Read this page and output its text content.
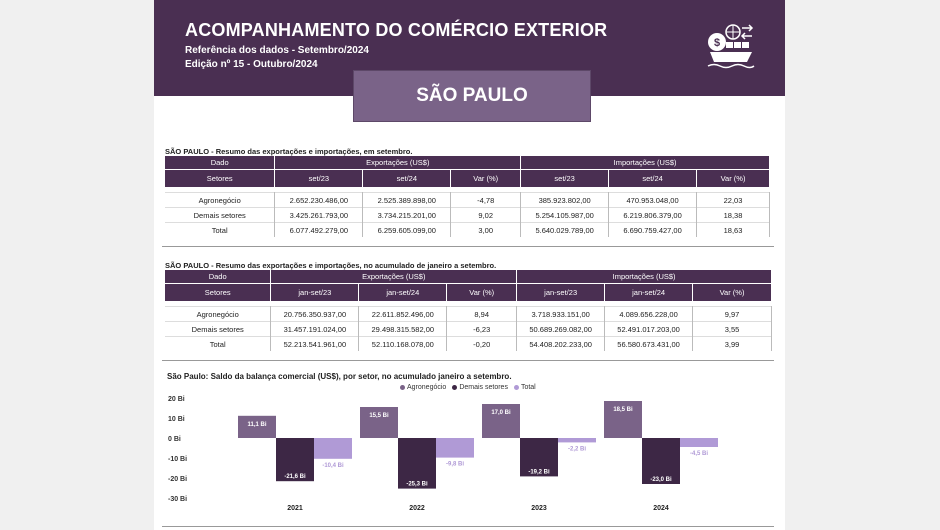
ACOMPANHAMENTO DO COMÉRCIO EXTERIOR
Referência dos dados - Setembro/2024
Edição nº 15 - Outubro/2024
$
SÃO PAULO
SÃO PAULO - Resumo das exportações e importações, em setembro.
Dado	Exportações (US$)			Importações (US$)		
Setores	set/23	set/24	Var (%)	set/23	set/24	Var (%)

Agronegócio	2.652.230.486,00	2.525.389.898,00	-4,78	385.923.802,00	470.953.048,00	22,03
Demais setores	3.425.261.793,00	3.734.215.201,00	9,02	5.254.105.987,00	6.219.806.379,00	18,38
Total	6.077.492.279,00	6.259.605.099,00	3,00	5.640.029.789,00	6.690.759.427,00	18,63
SÃO PAULO - Resumo das exportações e importações, no acumulado de janeiro a setembro.
Dado	Exportações (US$)			Importações (US$)		
Setores	jan-set/23	jan-set/24	Var (%)	jan-set/23	jan-set/24	Var (%)

Agronegócio	20.756.350.937,00	22.611.852.496,00	8,94	3.718.933.151,00	4.089.656.228,00	9,97
Demais setores	31.457.191.024,00	29.498.315.582,00	-6,23	50.689.269.082,00	52.491.017.203,00	3,55
Total	52.213.541.961,00	52.110.168.078,00	-0,20	54.408.202.233,00	56.580.673.431,00	3,99
São Paulo: Saldo da balança comercial (US$), por setor, no acumulado janeiro a setembro.
Agronegócio	Demais setores	Total
20 Bi
10 Bi
0 Bi
-10 Bi
-20 Bi
-30 Bi
11,1 Bi
-21,6 Bi
-10,4 Bi
2021
15,5 Bi
-25,3 Bi
-9,8 Bi
2022
17,0 Bi
-19,2 Bi
-2,2 Bi
2023
18,5 Bi
-23,0 Bi
-4,5 Bi
2024
